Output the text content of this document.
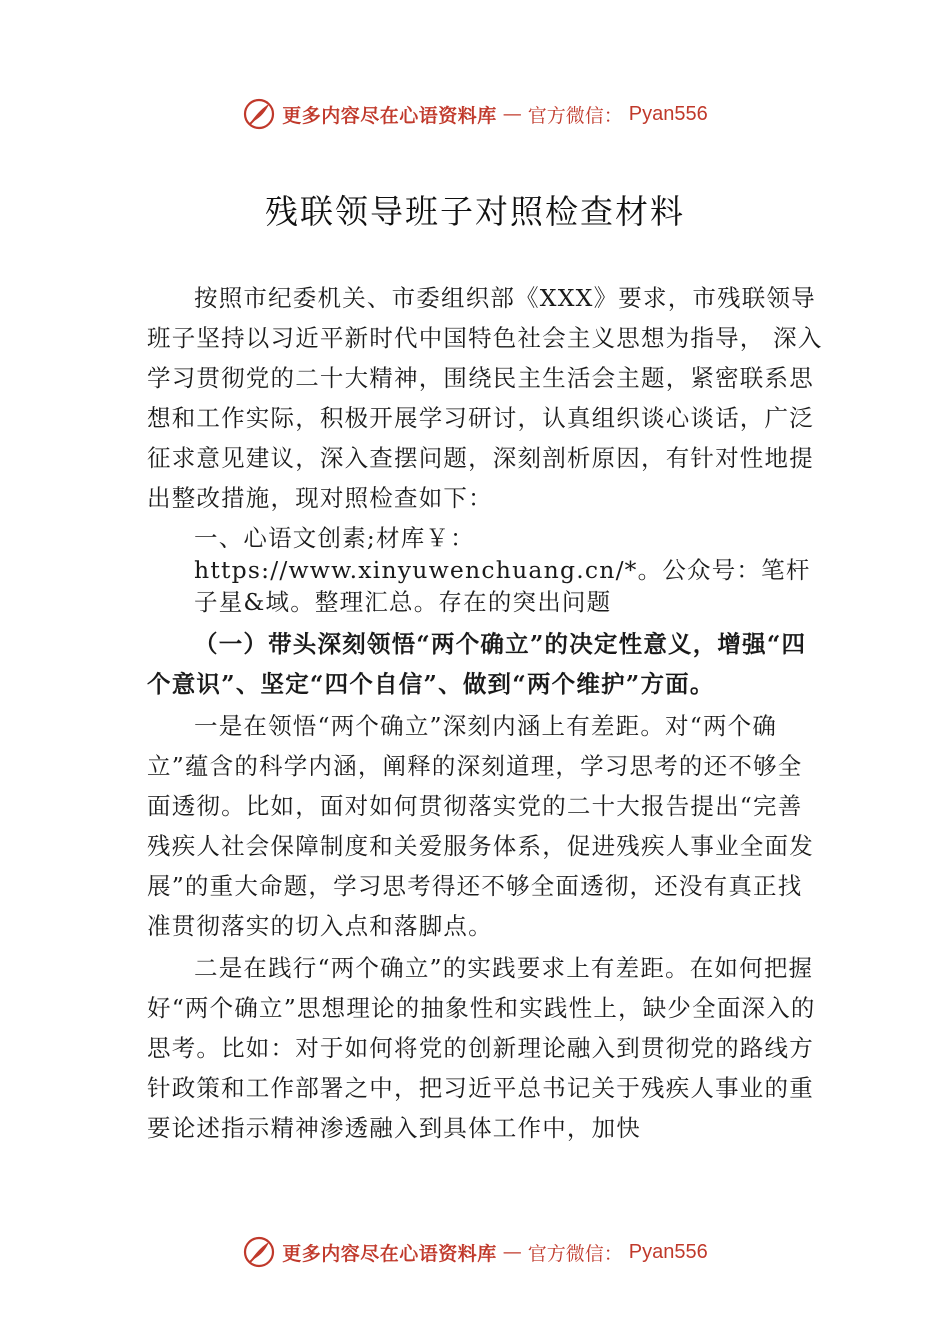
更多内容尽在心语资料库 — 官方微信： Pyan556
残联领导班子对照检查材料

按照市纪委机关、市委组织部《XXX》要求，市残联领导班子坚持以习近平新时代中国特色社会主义思想为指导， 深入学习贯彻党的二十大精神，围绕民主生活会主题，紧密联系思想和工作实际，积极开展学习研讨，认真组织谈心谈话，广泛征求意见建议，深入查摆问题，深刻剖析原因，有针对性地提出整改措施，现对照检查如下：

一、心语文创素;材库￥：https://www.xinyuwenchuang.cn/*。公众号：笔杆子星&域。整理汇总。存在的突出问题

（一）带头深刻领悟“两个确立”的决定性意义，增强“四个意识”、坚定“四个自信”、做到“两个维护”方面。

一是在领悟“两个确立”深刻内涵上有差距。对“两个确立”蕴含的科学内涵，阐释的深刻道理，学习思考的还不够全面透彻。比如，面对如何贯彻落实党的二十大报告提出“完善残疾人社会保障制度和关爱服务体系，促进残疾人事业全面发展”的重大命题，学习思考得还不够全面透彻，还没有真正找准贯彻落实的切入点和落脚点。

二是在践行“两个确立”的实践要求上有差距。在如何把握好“两个确立”思想理论的抽象性和实践性上，缺少全面深入的思考。比如：对于如何将党的创新理论融入到贯彻党的路线方针政策和工作部署之中，把习近平总书记关于残疾人事业的重要论述指示精神渗透融入到具体工作中，加快

更多内容尽在心语资料库 — 官方微信： Pyan556
